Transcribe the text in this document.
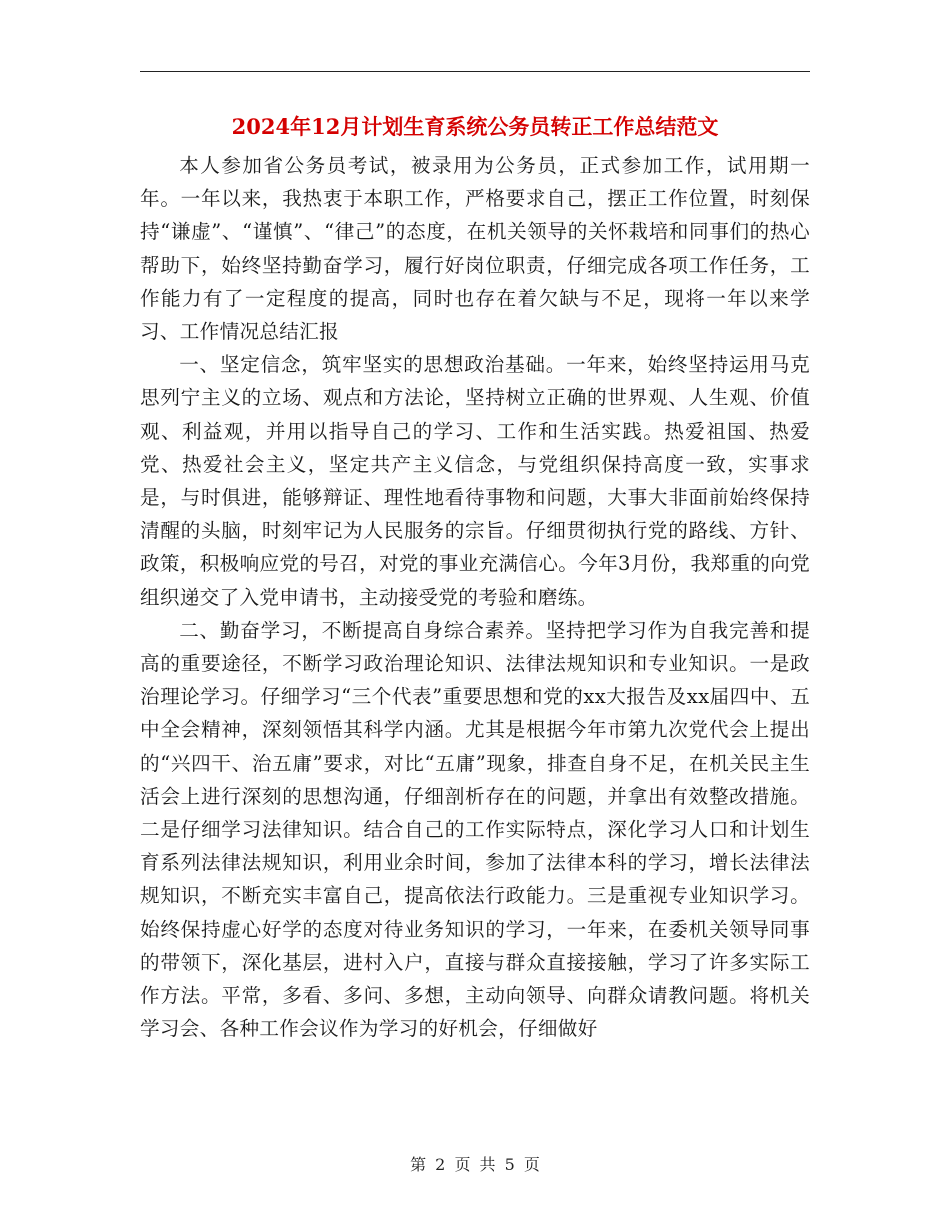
2024年12月计划生育系统公务员转正工作总结范文

本人参加省公务员考试，被录用为公务员，正式参加工作，试用期一年。一年以来，我热衷于本职工作，严格要求自己，摆正工作位置，时刻保持“谦虚”、“谨慎”、“律己”的态度，在机关领导的关怀栽培和同事们的热心帮助下，始终坚持勤奋学习，履行好岗位职责，仔细完成各项工作任务，工作能力有了一定程度的提高，同时也存在着欠缺与不足，现将一年以来学习、工作情况总结汇报

一、坚定信念，筑牢坚实的思想政治基础。一年来，始终坚持运用马克思列宁主义的立场、观点和方法论，坚持树立正确的世界观、人生观、价值观、利益观，并用以指导自己的学习、工作和生活实践。热爱祖国、热爱党、热爱社会主义，坚定共产主义信念，与党组织保持高度一致，实事求是，与时俱进，能够辩证、理性地看待事物和问题，大事大非面前始终保持清醒的头脑，时刻牢记为人民服务的宗旨。仔细贯彻执行党的路线、方针、政策，积极响应党的号召，对党的事业充满信心。今年3月份，我郑重的向党组织递交了入党申请书，主动接受党的考验和磨练。

二、勤奋学习，不断提高自身综合素养。坚持把学习作为自我完善和提高的重要途径，不断学习政治理论知识、法律法规知识和专业知识。一是政治理论学习。仔细学习“三个代表”重要思想和党的xx大报告及xx届四中、五中全会精神，深刻领悟其科学内涵。尤其是根据今年市第九次党代会上提出的“兴四干、治五庸”要求，对比“五庸”现象，排查自身不足，在机关民主生活会上进行深刻的思想沟通，仔细剖析存在的问题，并拿出有效整改措施。二是仔细学习法律知识。结合自己的工作实际特点，深化学习人口和计划生育系列法律法规知识，利用业余时间，参加了法律本科的学习，增长法律法规知识，不断充实丰富自己，提高依法行政能力。三是重视专业知识学习。始终保持虚心好学的态度对待业务知识的学习，一年来，在委机关领导同事的带领下，深化基层，进村入户，直接与群众直接接触，学习了许多实际工作方法。平常，多看、多问、多想，主动向领导、向群众请教问题。将机关学习会、各种工作会议作为学习的好机会，仔细做好

第 2 页 共 5 页
